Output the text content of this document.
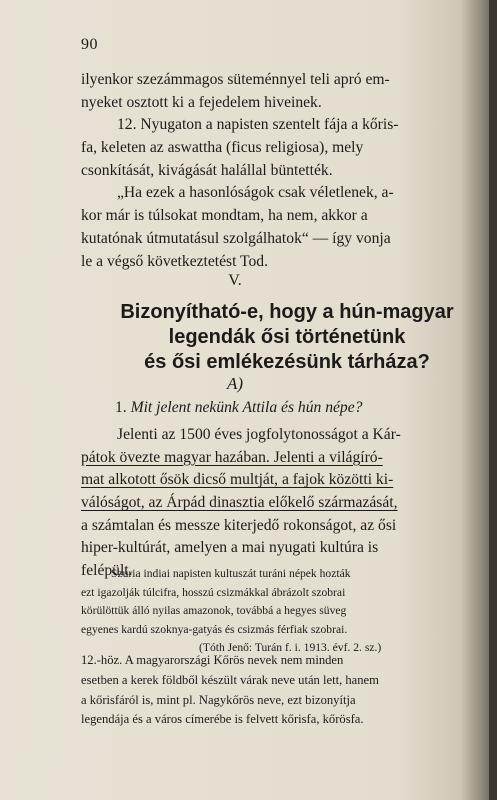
90
ilyenkor szezámmagos süteménnyel teli apró em-
nyeket osztott ki a fejedelem hiveinek.
12. Nyugaton a napisten szentelt fája a kőris-
fa, keleten az aswattha (ficus religiosa), mely
csonkítását, kivágását halállal büntették.
„Ha ezek a hasonlóságok csak véletlenek, a-
kor már is túlsokat mondtam, ha nem, akkor a
kutatónak útmutatásul szolgálhatok“ — így vonja
le a végső következtetést Tod.
V.
Bizonyítható-e, hogy a hún-magyar
legendák ősi történetünk
és ősi emlékezésünk tárháza?
A)
1. Mit jelent nekünk Attila és hún népe?
Jelenti az 1500 éves jogfolytonosságot a Kár-
pátok övezte magyar hazában. Jelenti a világíró-
mat alkotott ősök dicső multját, a fajok közötti ki-
válóságot, az Árpád dinasztia előkelő származását,
a számtalan és messze kiterjedő rokonságot, az ősi
hiper-kultúrát, amelyen a mai nyugati kultúra is
felépült.
Szuria indiai napisten kultuszát turáni népek hozták
ezt igazolják túlcifra, hosszú csizmákkal ábrázolt szobrai
körülöttük álló nyilas amazonok, továbbá a hegyes süveg
egyenes kardú szoknya-gatyás és csizmás férfiak szobrai.
(Tóth Jenő: Turán f. i. 1913. évf. 2. sz.)
12.-höz. A magyarországi Kőrös nevek nem minden
esetben a kerek földből készült várak neve után lett, hanem
a kőrisfáról is, mint pl. Nagykőrös neve, ezt bizonyítja
legendája és a város címerébe is felvett kőrisfa, kőrösfa.
